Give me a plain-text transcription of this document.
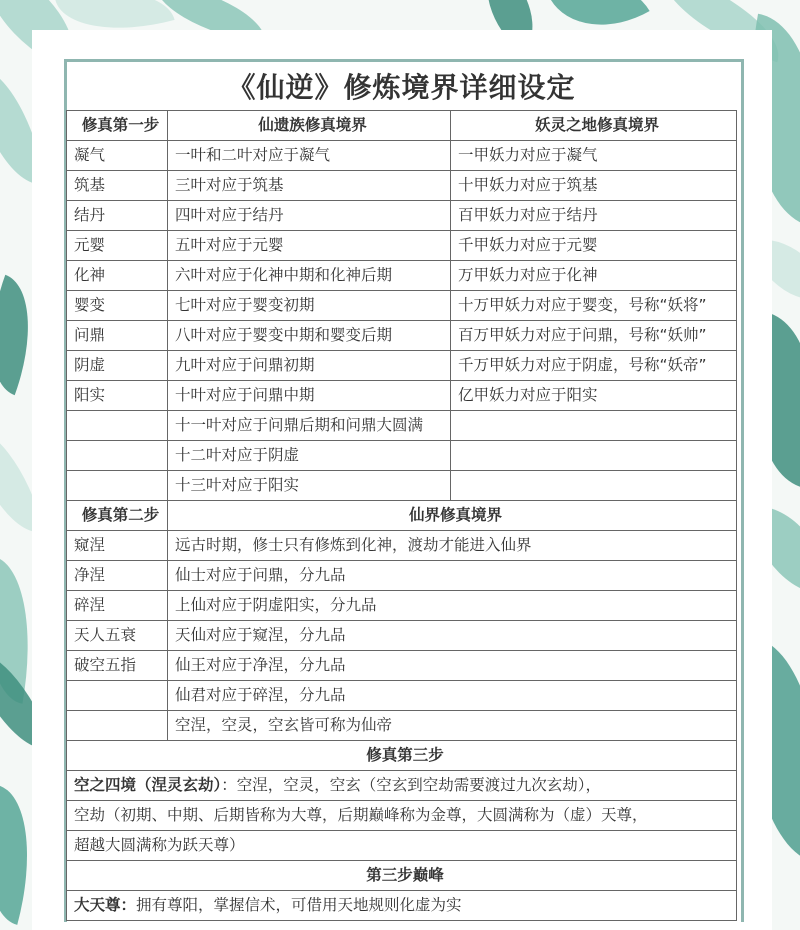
《仙逆》修炼境界详细设定
修真第一步	仙遗族修真境界	妖灵之地修真境界
凝气	一叶和二叶对应于凝气	一甲妖力对应于凝气
筑基	三叶对应于筑基	十甲妖力对应于筑基
结丹	四叶对应于结丹	百甲妖力对应于结丹
元婴	五叶对应于元婴	千甲妖力对应于元婴
化神	六叶对应于化神中期和化神后期	万甲妖力对应于化神
婴变	七叶对应于婴变初期	十万甲妖力对应于婴变，号称“妖将”
问鼎	八叶对应于婴变中期和婴变后期	百万甲妖力对应于问鼎，号称“妖帅”
阴虚	九叶对应于问鼎初期	千万甲妖力对应于阴虚，号称“妖帝”
阳实	十叶对应于问鼎中期	亿甲妖力对应于阳实
	十一叶对应于问鼎后期和问鼎大圆满	
	十二叶对应于阴虚	
	十三叶对应于阳实	
修真第二步	仙界修真境界	
窥涅	远古时期，修士只有修炼到化神，渡劫才能进入仙界	
净涅	仙士对应于问鼎，分九品	
碎涅	上仙对应于阴虚阳实，分九品	
天人五衰	天仙对应于窥涅，分九品	
破空五指	仙王对应于净涅，分九品	
	仙君对应于碎涅，分九品	
	空涅，空灵，空玄皆可称为仙帝	
修真第三步		
空之四境（涅灵玄劫）：空涅，空灵，空玄（空玄到空劫需要渡过九次玄劫），		
空劫（初期、中期、后期皆称为大尊，后期巅峰称为金尊，大圆满称为（虚）天尊，		
超越大圆满称为跃天尊）		
第三步巅峰		
大天尊：拥有尊阳，掌握信术，可借用天地规则化虚为实		
